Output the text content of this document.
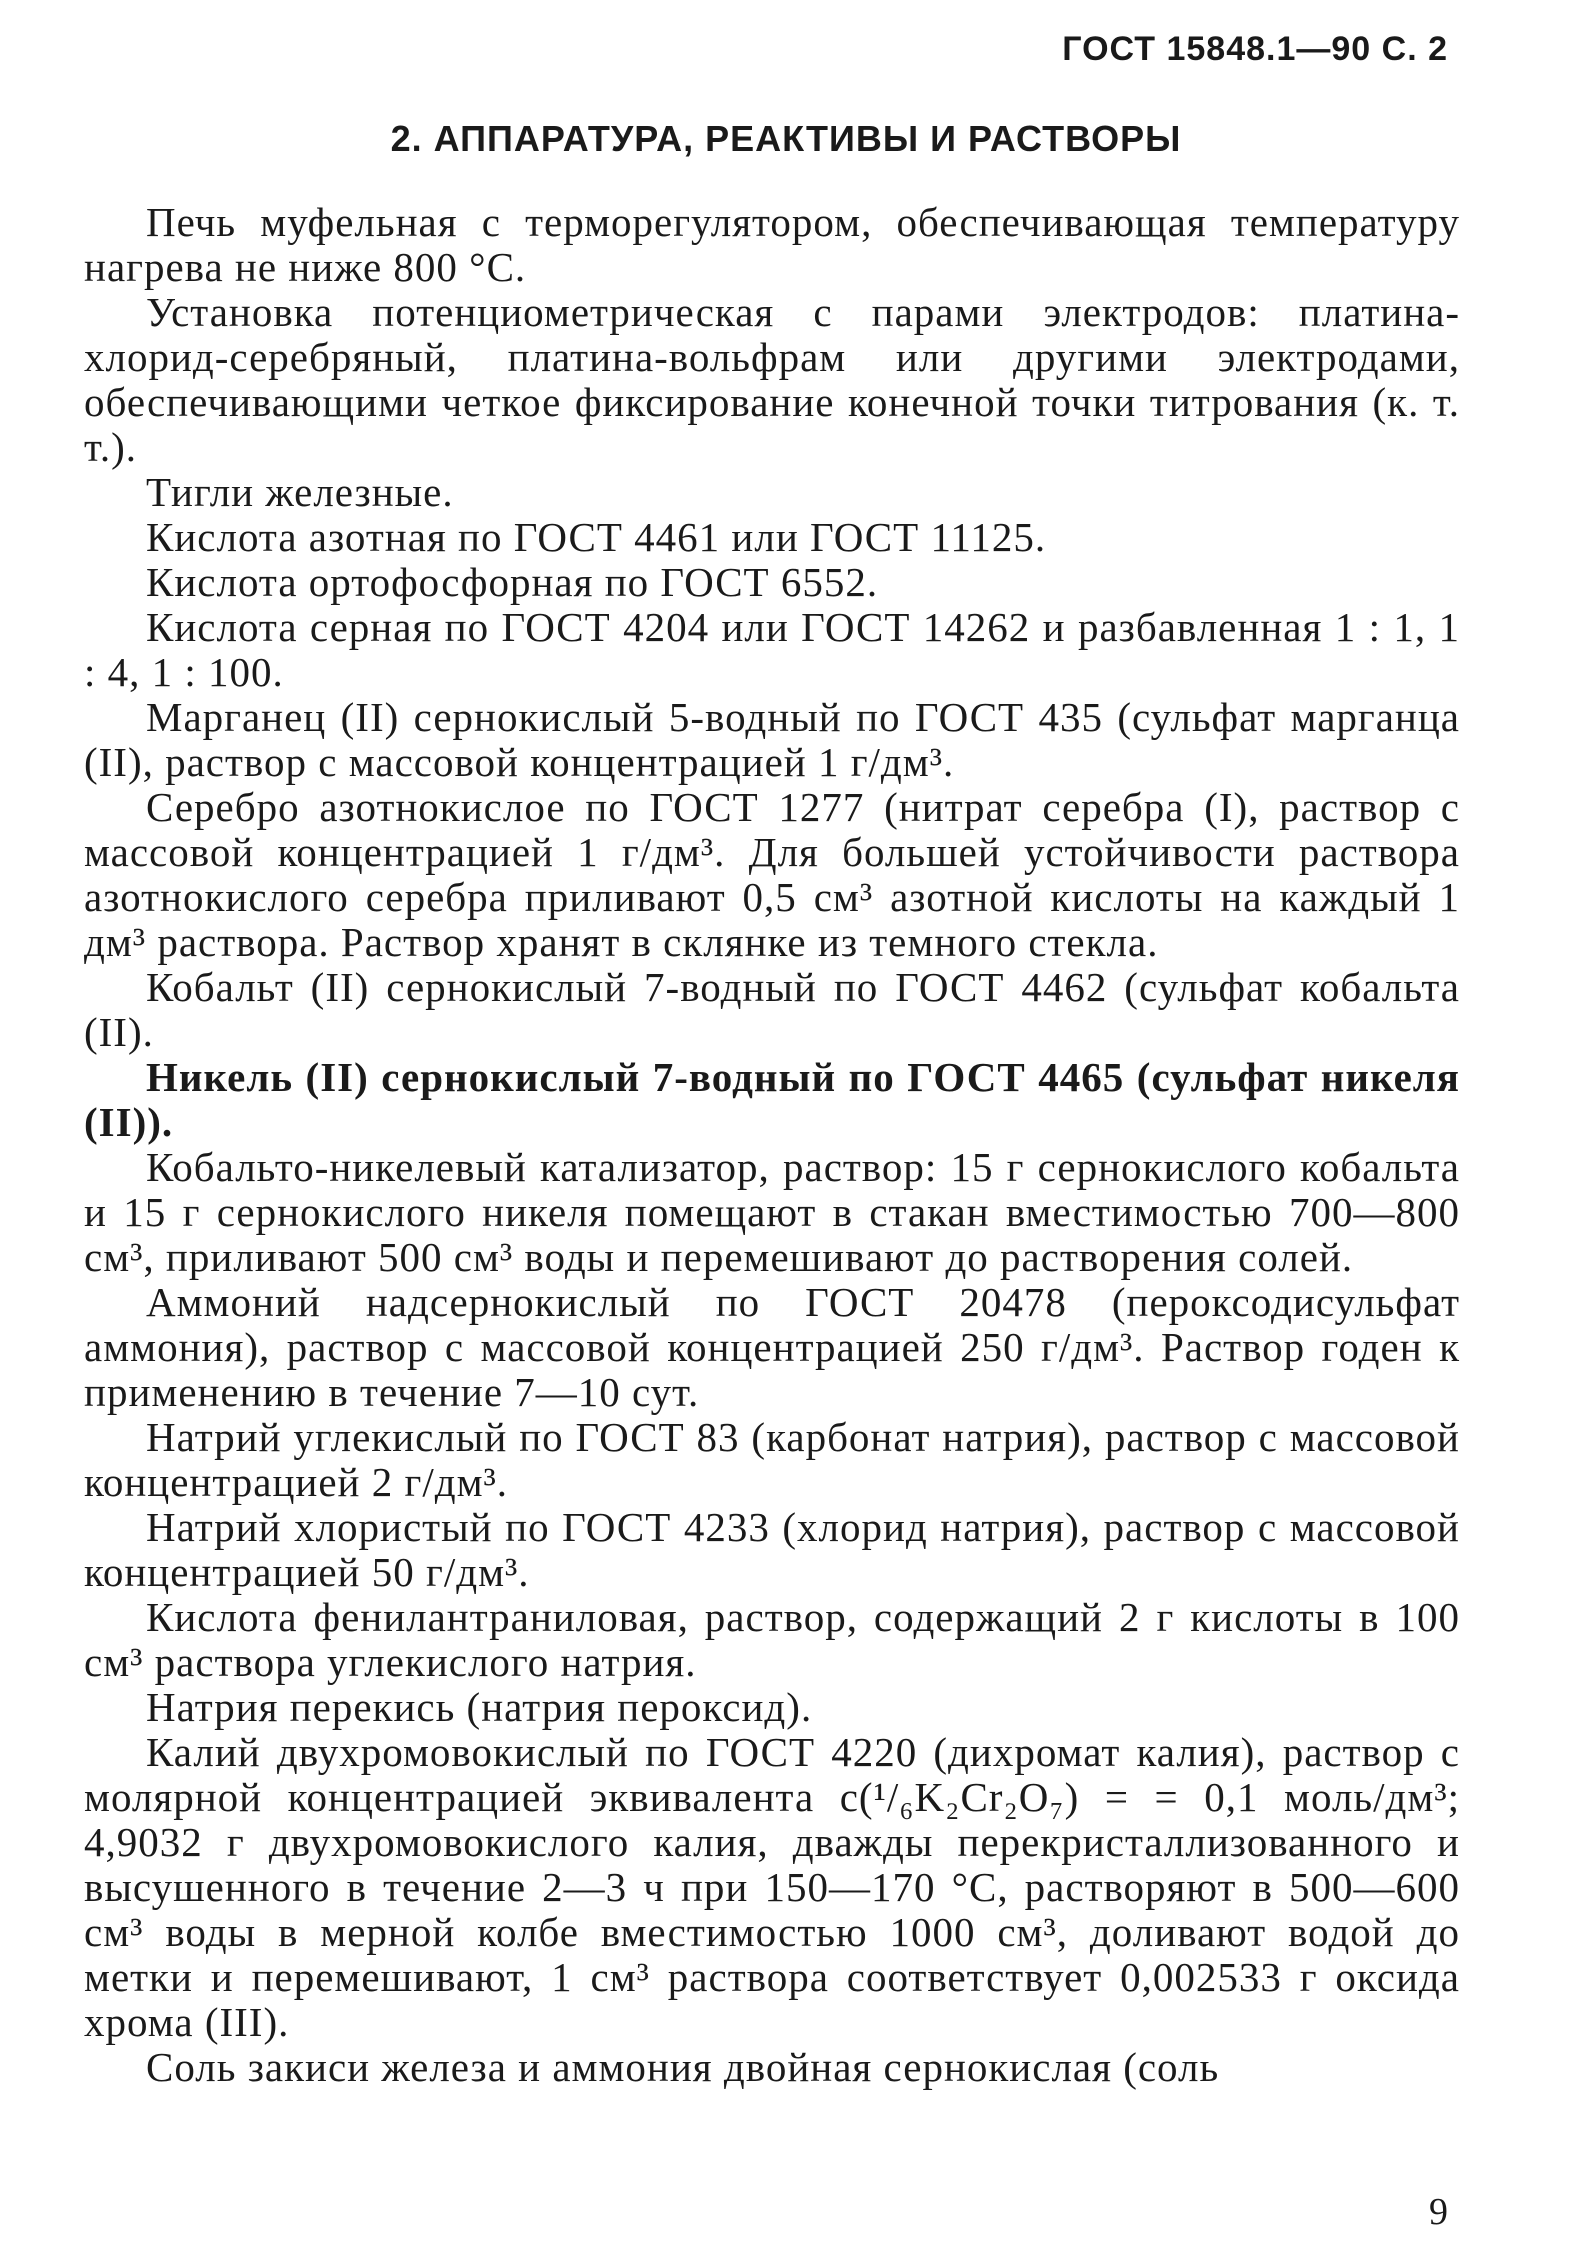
ГОСТ 15848.1—90 С. 2
2. АППАРАТУРА, РЕАКТИВЫ И РАСТВОРЫ

Печь муфельная с терморегулятором, обеспечивающая температуру нагрева не ниже 800 °С.

Установка потенциометрическая с парами электродов: платина-хлорид-серебряный, платина-вольфрам или другими электродами, обеспечивающими четкое фиксирование конечной точки титрования (к. т. т.).

Тигли железные.

Кислота азотная по ГОСТ 4461 или ГОСТ 11125.

Кислота ортофосфорная по ГОСТ 6552.

Кислота серная по ГОСТ 4204 или ГОСТ 14262 и разбавленная 1 : 1, 1 : 4, 1 : 100.

Марганец (II) сернокислый 5-водный по ГОСТ 435 (сульфат марганца (II), раствор с массовой концентрацией 1 г/дм³.

Серебро азотнокислое по ГОСТ 1277 (нитрат серебра (I), раствор с массовой концентрацией 1 г/дм³. Для большей устойчивости раствора азотнокислого серебра приливают 0,5 см³ азотной кислоты на каждый 1 дм³ раствора. Раствор хранят в склянке из темного стекла.

Кобальт (II) сернокислый 7-водный по ГОСТ 4462 (сульфат кобальта (II).

Никель (II) сернокислый 7-водный по ГОСТ 4465 (сульфат никеля (II)).

Кобальто-никелевый катализатор, раствор: 15 г сернокислого кобальта и 15 г сернокислого никеля помещают в стакан вместимостью 700—800 см³, приливают 500 см³ воды и перемешивают до растворения солей.

Аммоний надсернокислый по ГОСТ 20478 (пероксодисульфат аммония), раствор с массовой концентрацией 250 г/дм³. Раствор годен к применению в течение 7—10 сут.

Натрий углекислый по ГОСТ 83 (карбонат натрия), раствор с массовой концентрацией 2 г/дм³.

Натрий хлористый по ГОСТ 4233 (хлорид натрия), раствор с массовой концентрацией 50 г/дм³.

Кислота фенилантраниловая, раствор, содержащий 2 г кислоты в 100 см³ раствора углекислого натрия.

Натрия перекись (натрия пероксид).

Калий двухромовокислый по ГОСТ 4220 (дихромат калия), раствор с молярной концентрацией эквивалента c(¹/₆K₂Cr₂O₇) = = 0,1 моль/дм³; 4,9032 г двухромовокислого калия, дважды перекристаллизованного и высушенного в течение 2—3 ч при 150—170 °С, растворяют в 500—600 см³ воды в мерной колбе вместимостью 1000 см³, доливают водой до метки и перемешивают, 1 см³ раствора соответствует 0,002533 г оксида хрома (III).

Соль закиси железа и аммония двойная сернокислая (соль

9
